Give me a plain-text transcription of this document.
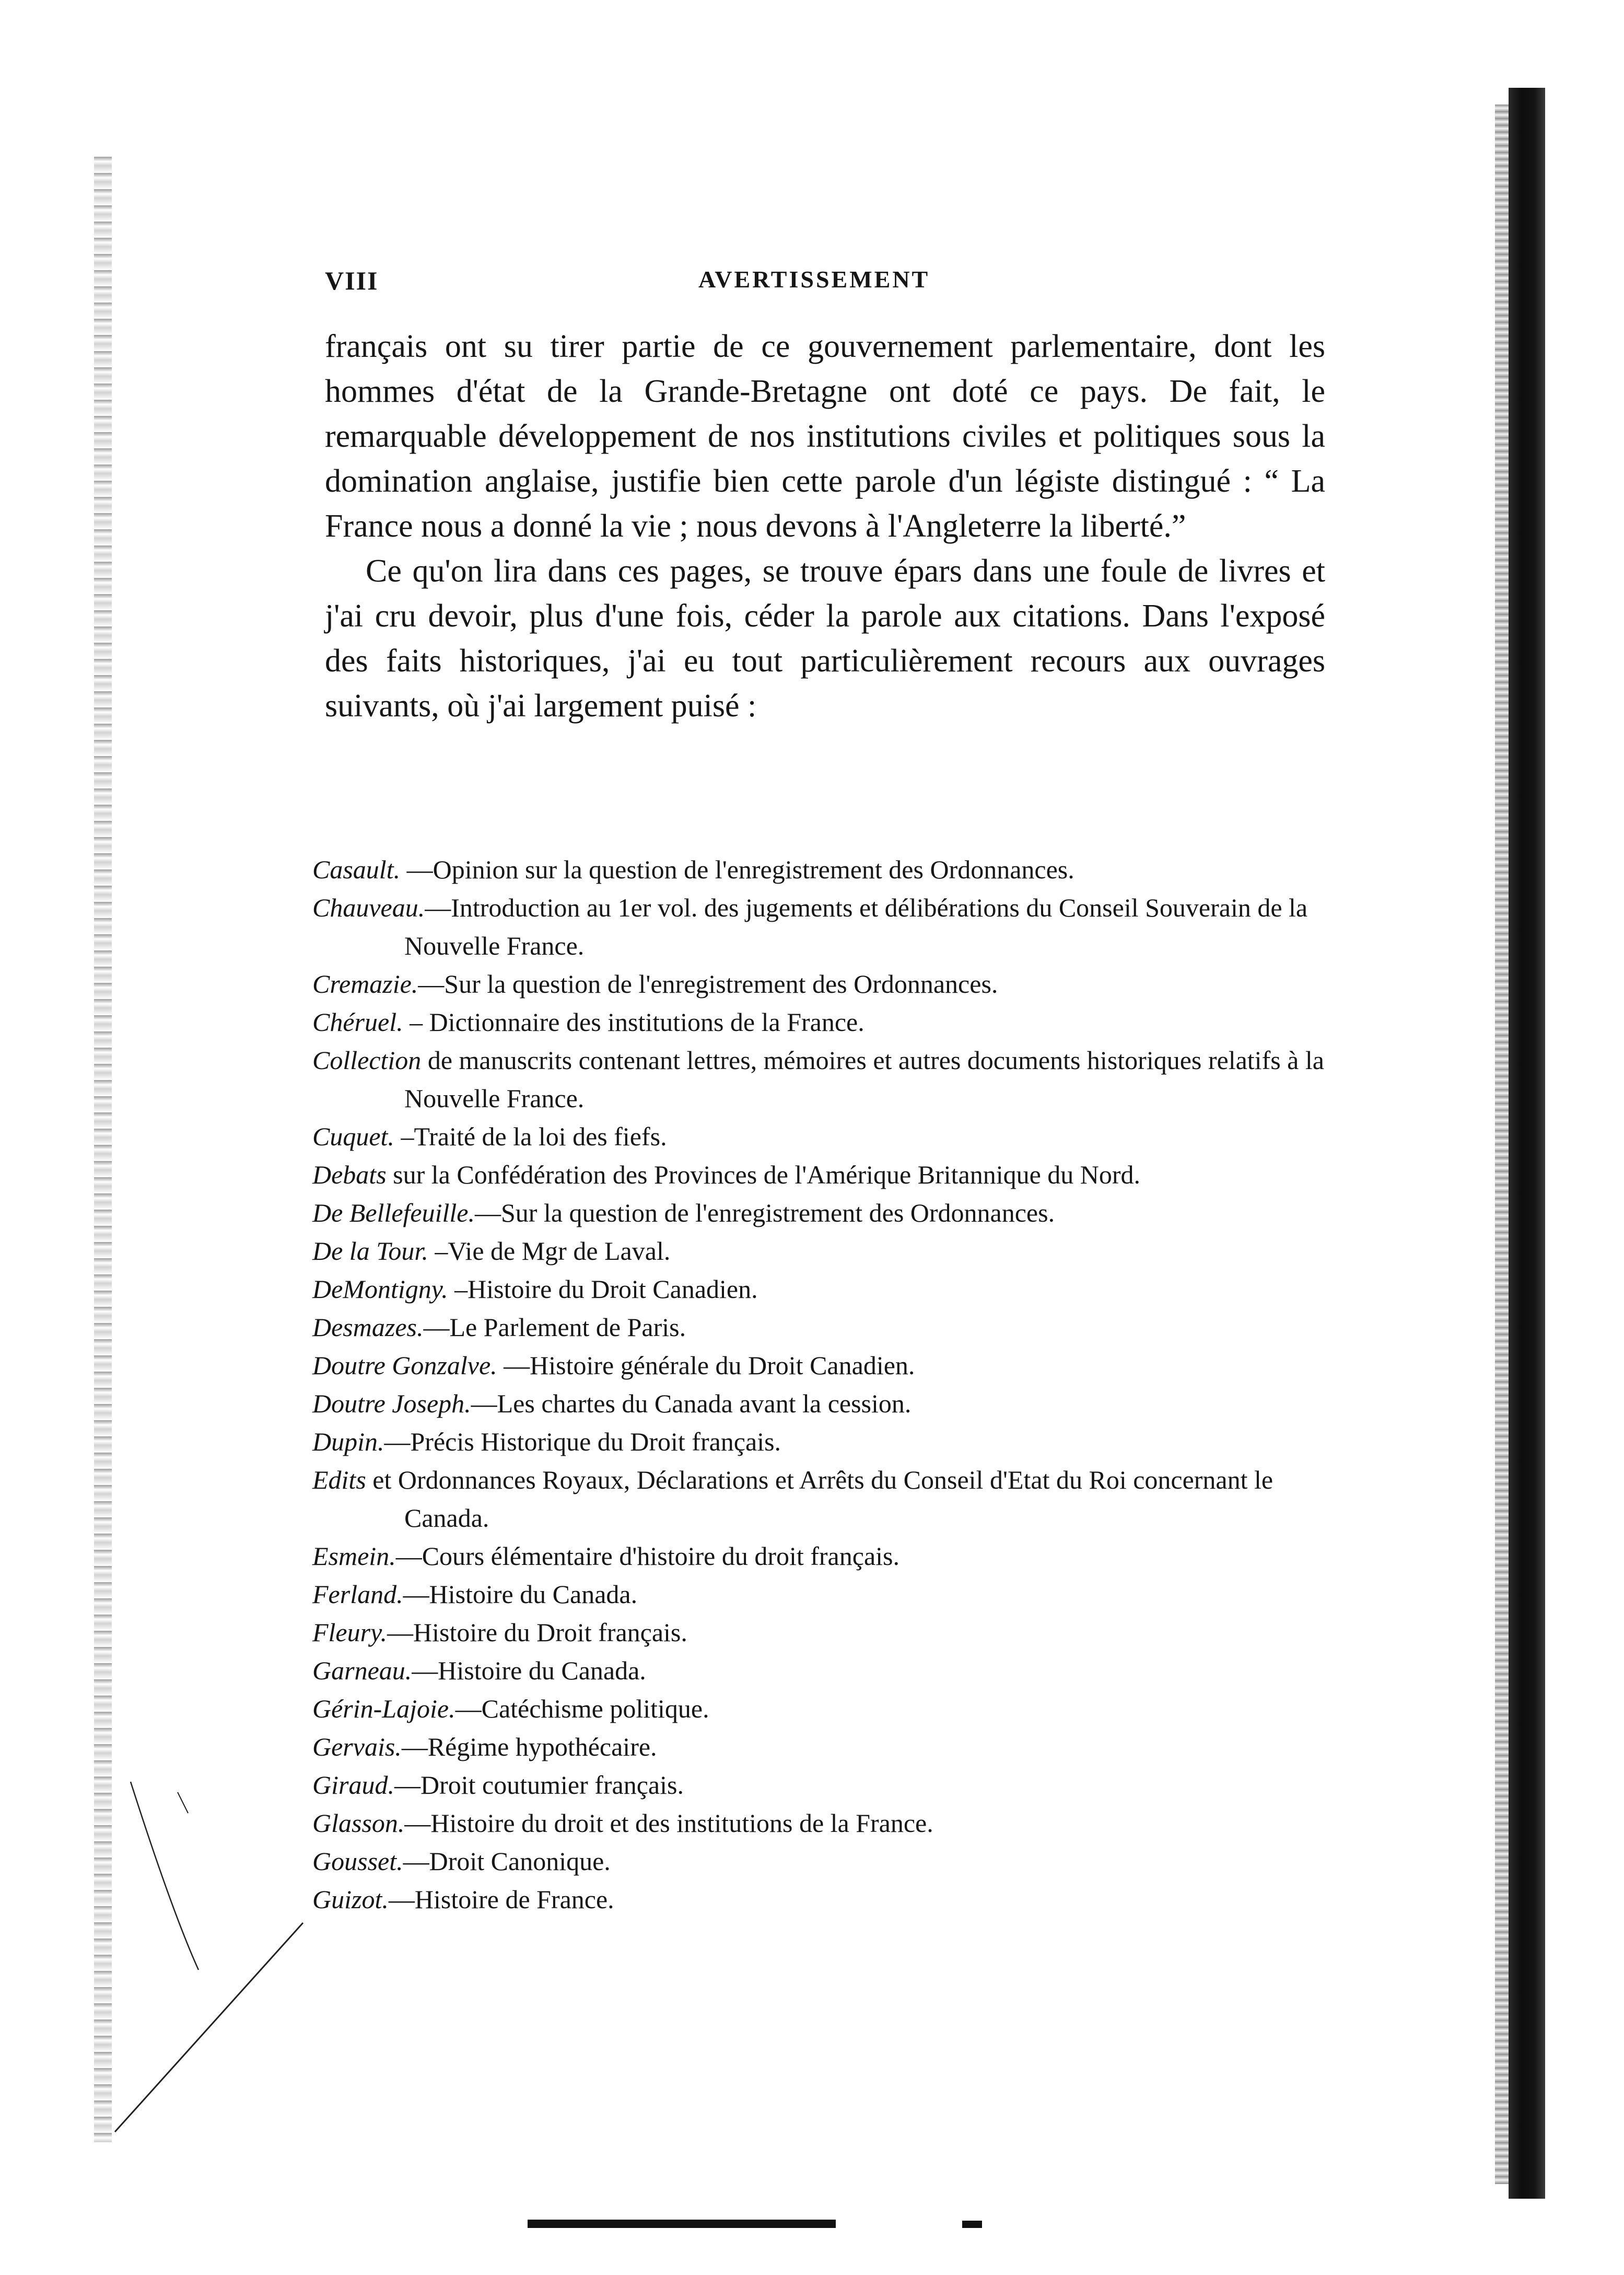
VIII	AVERTISSEMENT

français ont su tirer partie de ce gouvernement parlementaire, dont les hommes d'état de la Grande-Bretagne ont doté ce pays. De fait, le remarquable développement de nos institutions civiles et politiques sous la domination anglaise, justifie bien cette parole d'un légiste distingué : “ La France nous a donné la vie ; nous devons à l'Angleterre la liberté.”

Ce qu'on lira dans ces pages, se trouve épars dans une foule de livres et j'ai cru devoir, plus d'une fois, céder la parole aux citations. Dans l'exposé des faits historiques, j'ai eu tout particulièrement recours aux ouvrages suivants, où j'ai largement puisé :

Casault. —Opinion sur la question de l'enregistrement des Ordonnances.
Chauveau.—Introduction au 1er vol. des jugements et délibérations du Conseil Souverain de la Nouvelle France.
Cremazie.—Sur la question de l'enregistrement des Ordonnances.
Chéruel. – Dictionnaire des institutions de la France.
Collection de manuscrits contenant lettres, mémoires et autres documents historiques relatifs à la Nouvelle France.
Cuquet. –Traité de la loi des fiefs.
Debats sur la Confédération des Provinces de l'Amérique Britannique du Nord.
De Bellefeuille.—Sur la question de l'enregistrement des Ordonnances.
De la Tour. –Vie de Mgr de Laval.
DeMontigny. –Histoire du Droit Canadien.
Desmazes.—Le Parlement de Paris.
Doutre Gonzalve. —Histoire générale du Droit Canadien.
Doutre Joseph.—Les chartes du Canada avant la cession.
Dupin.—Précis Historique du Droit français.
Edits et Ordonnances Royaux, Déclarations et Arrêts du Conseil d'Etat du Roi concernant le Canada.
Esmein.—Cours élémentaire d'histoire du droit français.
Ferland.—Histoire du Canada.
Fleury.—Histoire du Droit français.
Garneau.—Histoire du Canada.
Gérin-Lajoie.—Catéchisme politique.
Gervais.—Régime hypothécaire.
Giraud.—Droit coutumier français.
Glasson.—Histoire du droit et des institutions de la France.
Gousset.—Droit Canonique.
Guizot.—Histoire de France.
